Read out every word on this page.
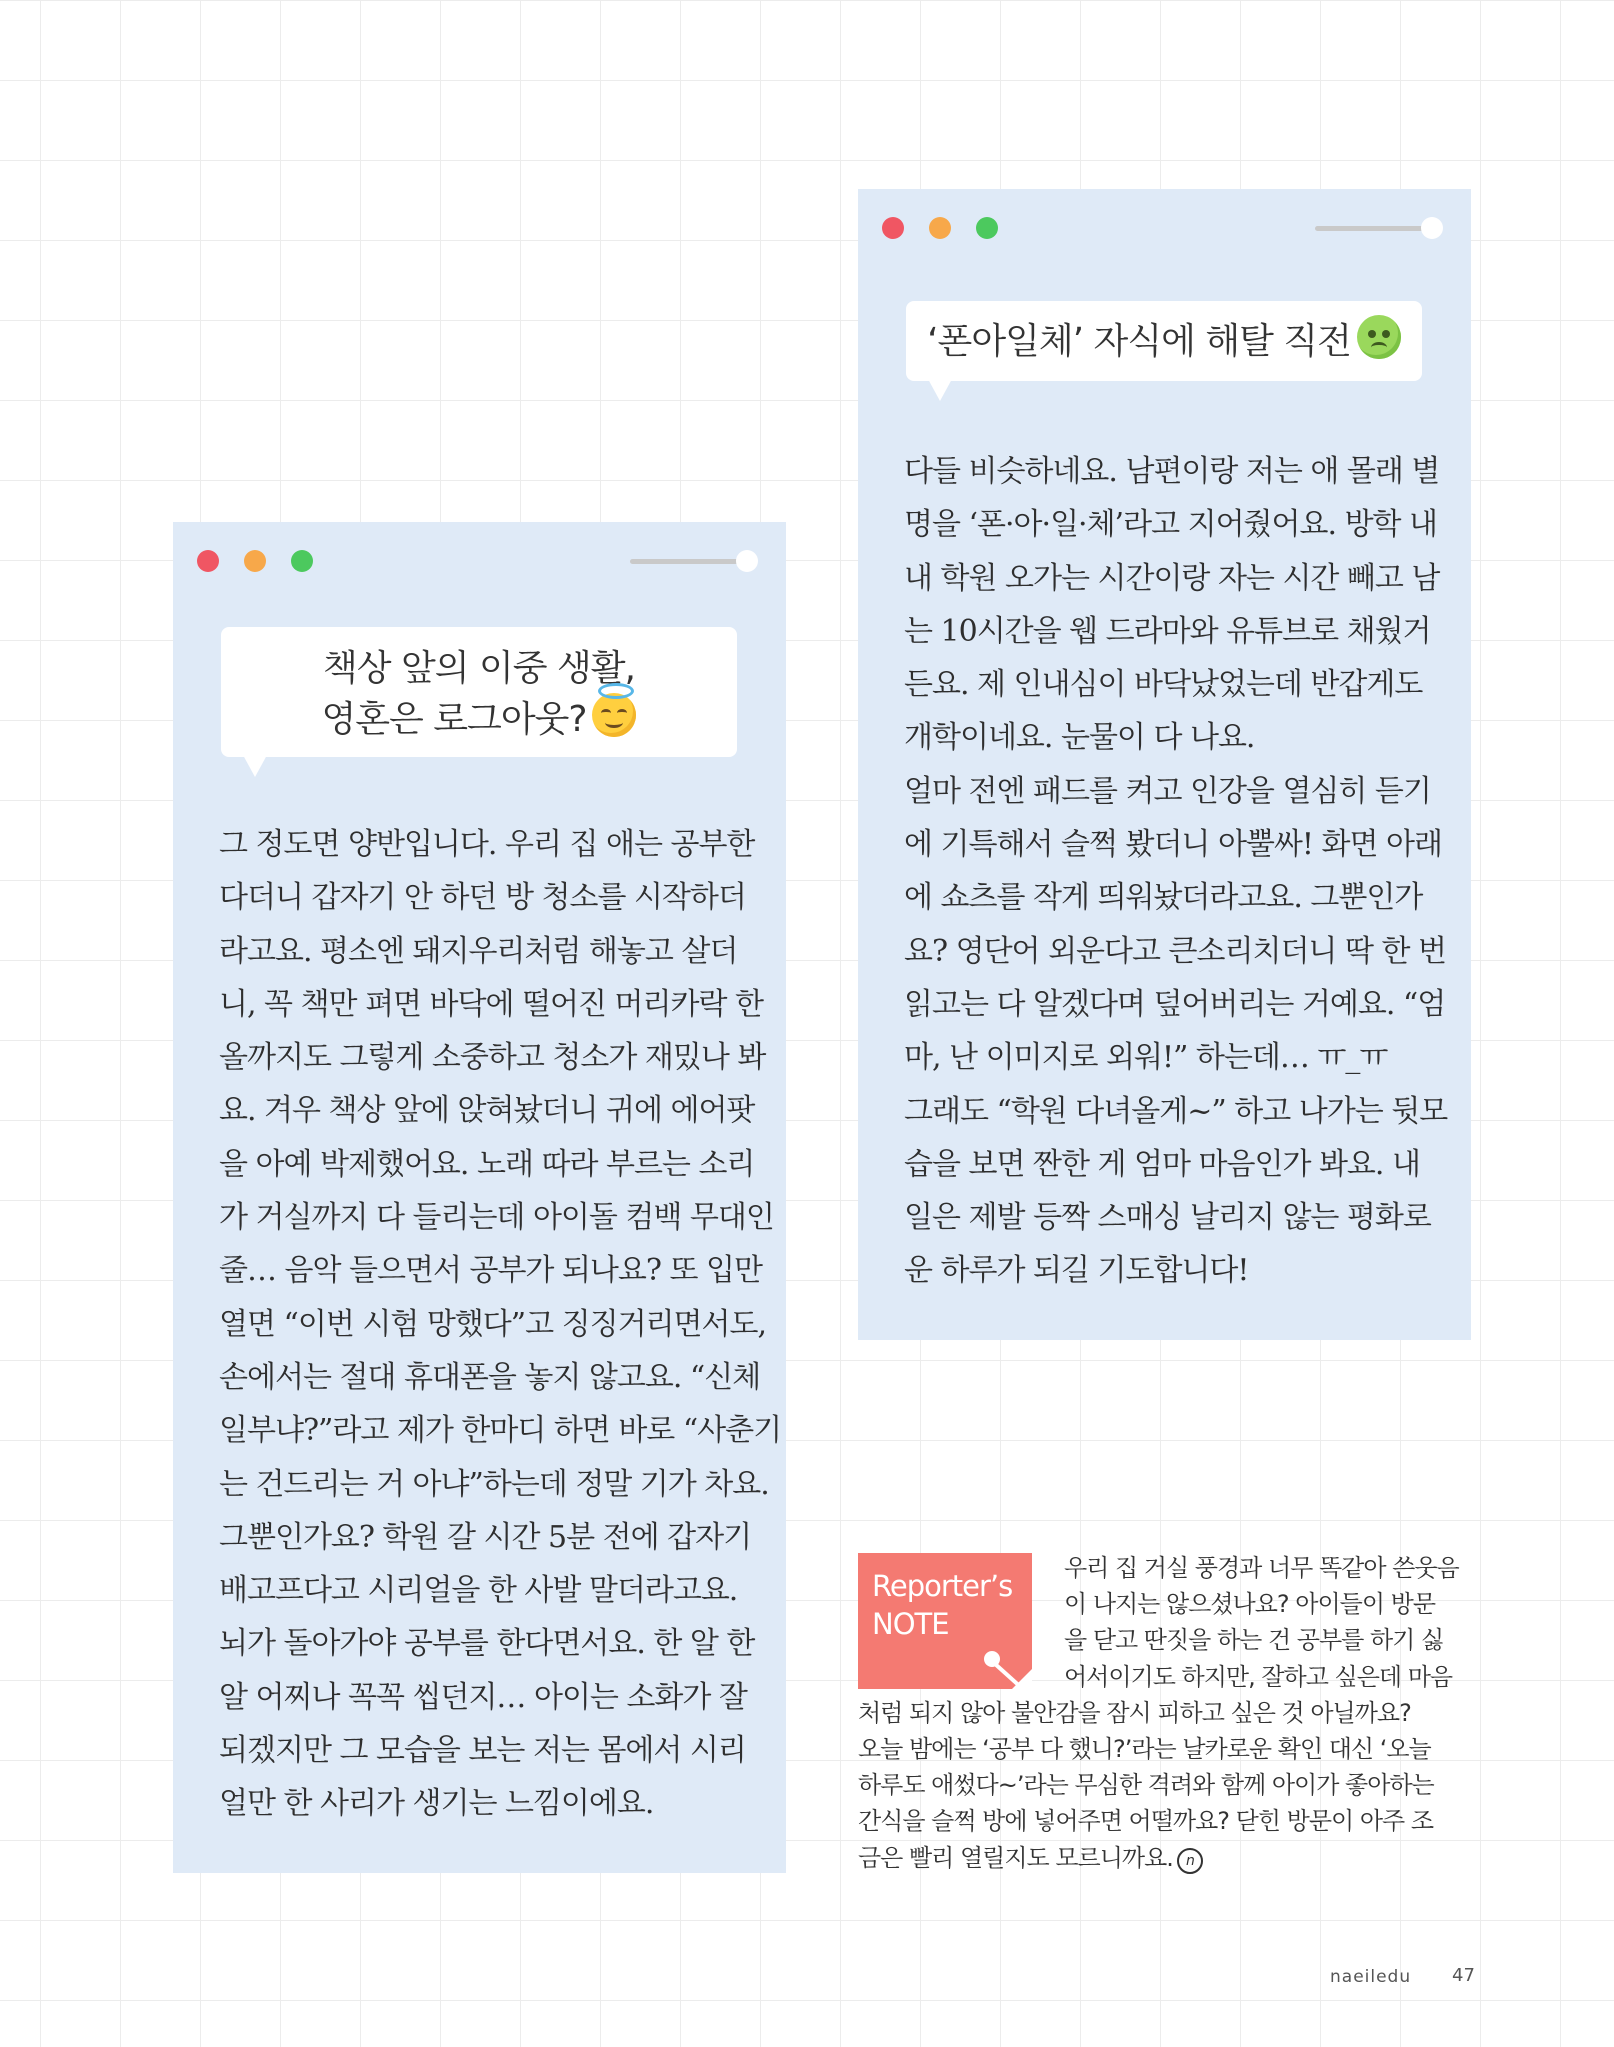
책상 앞의 이중 생활,
영혼은 로그아웃?

그 정도면 양반입니다. 우리 집 애는 공부한
다더니 갑자기 안 하던 방 청소를 시작하더
라고요. 평소엔 돼지우리처럼 해놓고 살더
니, 꼭 책만 펴면 바닥에 떨어진 머리카락 한
올까지도 그렇게 소중하고 청소가 재밌나 봐
요. 겨우 책상 앞에 앉혀놨더니 귀에 에어팟
을 아예 박제했어요. 노래 따라 부르는 소리
가 거실까지 다 들리는데 아이돌 컴백 무대인
줄… 음악 들으면서 공부가 되나요? 또 입만
열면 “이번 시험 망했다”고 징징거리면서도,
손에서는 절대 휴대폰을 놓지 않고요. “신체
일부냐?”라고 제가 한마디 하면 바로 “사춘기
는 건드리는 거 아냐”하는데 정말 기가 차요.
그뿐인가요? 학원 갈 시간 5분 전에 갑자기
배고프다고 시리얼을 한 사발 말더라고요.
뇌가 돌아가야 공부를 한다면서요. 한 알 한
알 어찌나 꼭꼭 씹던지… 아이는 소화가 잘
되겠지만 그 모습을 보는 저는 몸에서 시리
얼만 한 사리가 생기는 느낌이에요.

‘폰아일체’ 자식에 해탈 직전

다들 비슷하네요. 남편이랑 저는 애 몰래 별
명을 ‘폰·아·일·체’라고 지어줬어요. 방학 내
내 학원 오가는 시간이랑 자는 시간 빼고 남
는 10시간을 웹 드라마와 유튜브로 채웠거
든요. 제 인내심이 바닥났었는데 반갑게도
개학이네요. 눈물이 다 나요.
얼마 전엔 패드를 켜고 인강을 열심히 듣기
에 기특해서 슬쩍 봤더니 아뿔싸! 화면 아래
에 쇼츠를 작게 띄워놨더라고요. 그뿐인가
요? 영단어 외운다고 큰소리치더니 딱 한 번
읽고는 다 알겠다며 덮어버리는 거예요. “엄
마, 난 이미지로 외워!” 하는데… ㅠ_ㅠ
그래도 “학원 다녀올게~” 하고 나가는 뒷모
습을 보면 짠한 게 엄마 마음인가 봐요. 내
일은 제발 등짝 스매싱 날리지 않는 평화로
운 하루가 되길 기도합니다!

Reporter’s
NOTE

우리 집 거실 풍경과 너무 똑같아 쓴웃음
이 나지는 않으셨나요? 아이들이 방문
을 닫고 딴짓을 하는 건 공부를 하기 싫
어서이기도 하지만, 잘하고 싶은데 마음
처럼 되지 않아 불안감을 잠시 피하고 싶은 것 아닐까요?
오늘 밤에는 ‘공부 다 했니?’라는 날카로운 확인 대신 ‘오늘
하루도 애썼다~’라는 무심한 격려와 함께 아이가 좋아하는
간식을 슬쩍 방에 넣어주면 어떨까요? 닫힌 방문이 아주 조
금은 빨리 열릴지도 모르니까요. n

naeiledu 47
